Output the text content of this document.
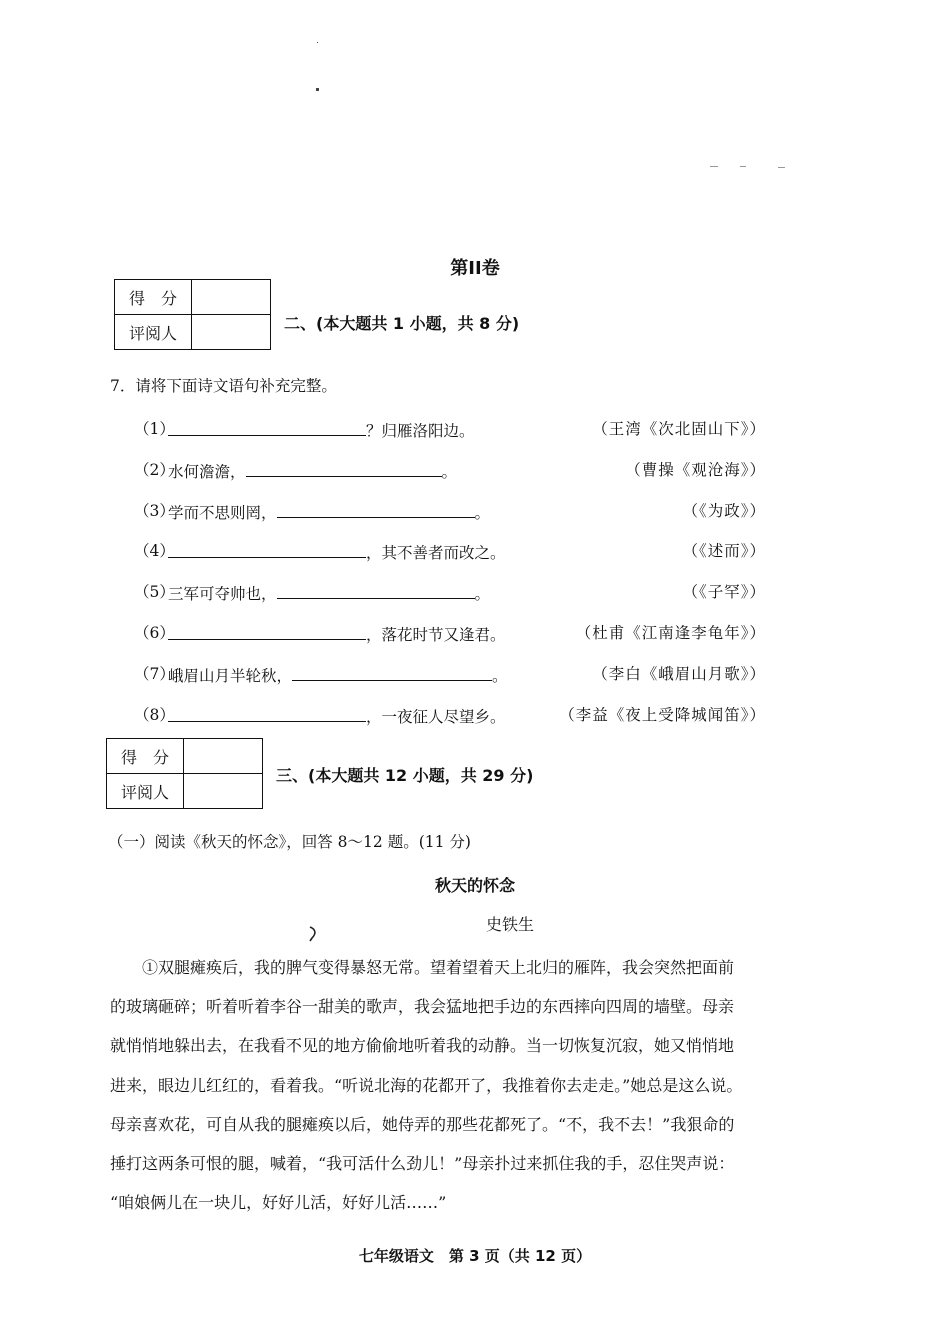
第II卷
得　分	
评阅人		二、(本大题共 1 小题，共 8 分)
7．请将下面诗文语句补充完整。
（1）	？归雁洛阳边。	（王湾《次北固山下》）
（2）
水何澹澹，	。	（曹操《观沧海》）
（3）
学而不思则罔，	。	（《为政》）
（4）	，其不善者而改之。	（《述而》）
（5）
三军可夺帅也，	。	（《子罕》）
（6）	，落花时节又逢君。	（杜甫《江南逢李龟年》）
（7）
峨眉山月半轮秋，	。	（李白《峨眉山月歌》）
（8）	，一夜征人尽望乡。	（李益《夜上受降城闻笛》）
得　分	
评阅人	
三、(本大题共 12 小题，共 29 分)
（一）阅读《秋天的怀念》，回答 8～12 题。(11 分)
秋天的怀念
史铁生
　　①双腿瘫痪后，我的脾气变得暴怒无常。望着望着天上北归的雁阵，我会突然把面前
的玻璃砸碎；听着听着李谷一甜美的歌声，我会猛地把手边的东西摔向四周的墙壁。母亲
就悄悄地躲出去，在我看不见的地方偷偷地听着我的动静。当一切恢复沉寂，她又悄悄地
进来，眼边儿红红的，看着我。“听说北海的花都开了，我推着你去走走。”她总是这么说。
母亲喜欢花，可自从我的腿瘫痪以后，她侍弄的那些花都死了。“不，我不去！”我狠命的
捶打这两条可恨的腿，喊着，“我可活什么劲儿！”母亲扑过来抓住我的手，忍住哭声说：
“咱娘俩儿在一块儿，好好儿活，好好儿活……”
七年级语文　第 3 页（共 12 页）
